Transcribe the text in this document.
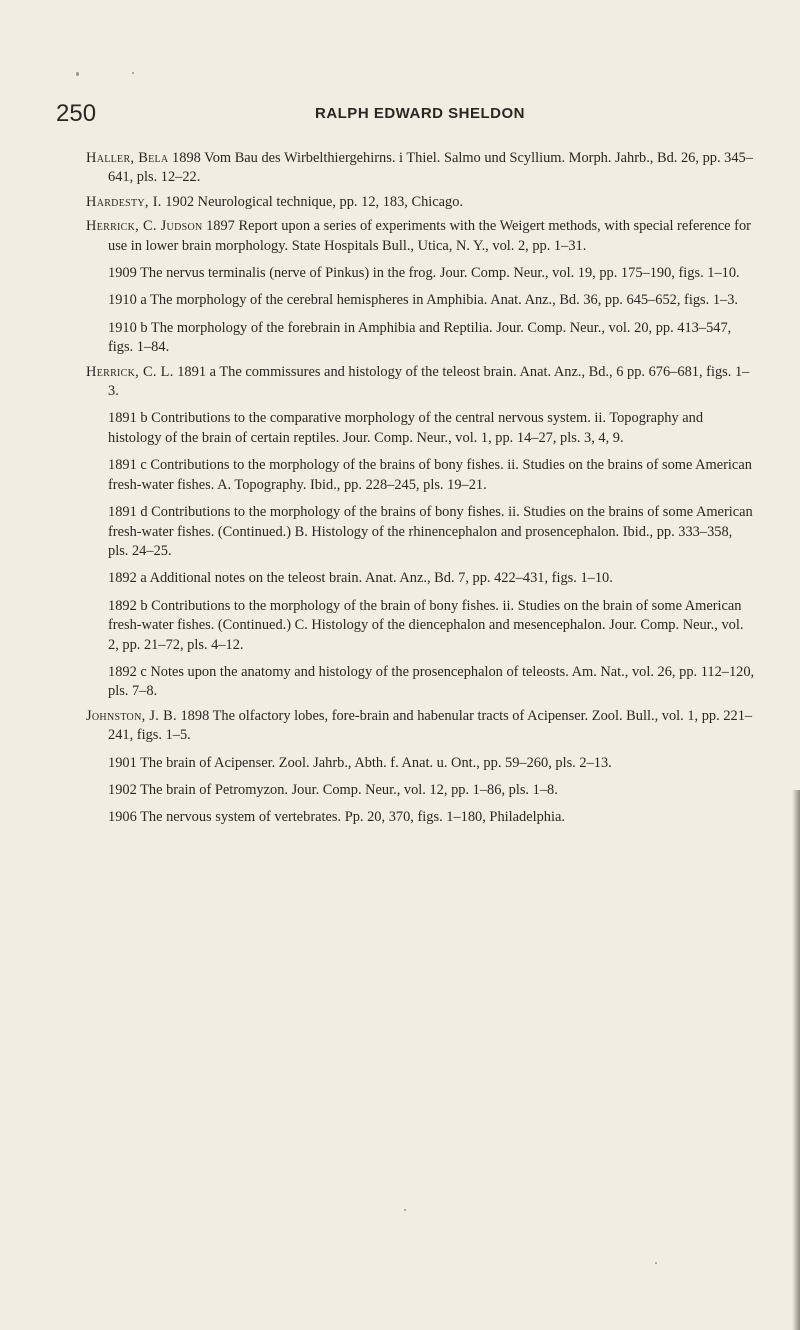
250	RALPH EDWARD SHELDON

Haller, Bela 1898 Vom Bau des Wirbelthiergehirns. i Thiel. Salmo und Scyllium. Morph. Jahrb., Bd. 26, pp. 345–641, pls. 12–22.

Hardesty, I. 1902 Neurological technique, pp. 12, 183, Chicago.

Herrick, C. Judson 1897 Report upon a series of experiments with the Weigert methods, with special reference for use in lower brain morphology. State Hospitals Bull., Utica, N. Y., vol. 2, pp. 1–31.

1909 The nervus terminalis (nerve of Pinkus) in the frog. Jour. Comp. Neur., vol. 19, pp. 175–190, figs. 1–10.

1910 a The morphology of the cerebral hemispheres in Amphibia. Anat. Anz., Bd. 36, pp. 645–652, figs. 1–3.

1910 b The morphology of the forebrain in Amphibia and Reptilia. Jour. Comp. Neur., vol. 20, pp. 413–547, figs. 1–84.

Herrick, C. L. 1891 a The commissures and histology of the teleost brain. Anat. Anz., Bd., 6 pp. 676–681, figs. 1–3.

1891 b Contributions to the comparative morphology of the central nervous system. ii. Topography and histology of the brain of certain reptiles. Jour. Comp. Neur., vol. 1, pp. 14–27, pls. 3, 4, 9.

1891 c Contributions to the morphology of the brains of bony fishes. ii. Studies on the brains of some American fresh-water fishes. A. Topography. Ibid., pp. 228–245, pls. 19–21.

1891 d Contributions to the morphology of the brains of bony fishes. ii. Studies on the brains of some American fresh-water fishes. (Continued.) B. Histology of the rhinencephalon and prosencephalon. Ibid., pp. 333–358, pls. 24–25.

1892 a Additional notes on the teleost brain. Anat. Anz., Bd. 7, pp. 422–431, figs. 1–10.

1892 b Contributions to the morphology of the brain of bony fishes. ii. Studies on the brain of some American fresh-water fishes. (Continued.) C. Histology of the diencephalon and mesencephalon. Jour. Comp. Neur., vol. 2, pp. 21–72, pls. 4–12.

1892 c Notes upon the anatomy and histology of the prosencephalon of teleosts. Am. Nat., vol. 26, pp. 112–120, pls. 7–8.

Johnston, J. B. 1898 The olfactory lobes, fore-brain and habenular tracts of Acipenser. Zool. Bull., vol. 1, pp. 221–241, figs. 1–5.

1901 The brain of Acipenser. Zool. Jahrb., Abth. f. Anat. u. Ont., pp. 59–260, pls. 2–13.

1902 The brain of Petromyzon. Jour. Comp. Neur., vol. 12, pp. 1–86, pls. 1–8.

1906 The nervous system of vertebrates. Pp. 20, 370, figs. 1–180, Philadelphia.
